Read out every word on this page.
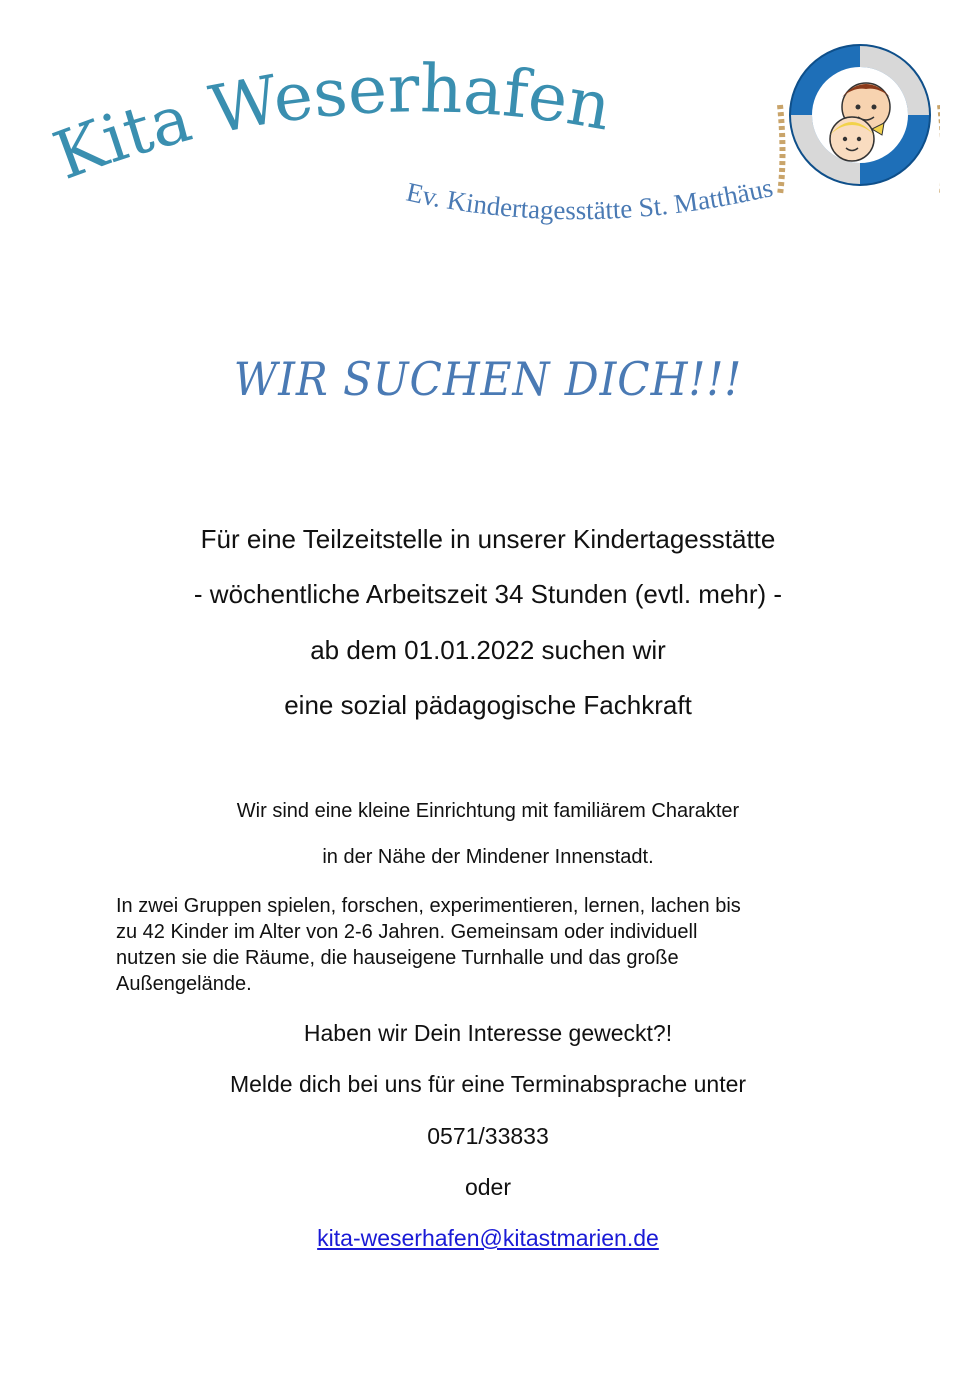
Kita Weserhafen
Ev. Kindertagesstätte St. Matthäus
WIR SUCHEN DICH!!!
Für eine Teilzeitstelle in unserer Kindertagesstätte
- wöchentliche Arbeitszeit 34 Stunden (evtl. mehr) -
ab dem 01.01.2022 suchen wir
eine sozial pädagogische Fachkraft
Wir sind eine kleine Einrichtung mit familiärem Charakter
in der Nähe der Mindener Innenstadt.
In zwei Gruppen spielen, forschen, experimentieren, lernen, lachen bis
zu 42 Kinder im Alter von 2-6 Jahren. Gemeinsam oder individuell
nutzen sie die Räume, die hauseigene Turnhalle und das große
Außengelände.
Haben wir Dein Interesse geweckt?!
Melde dich bei uns für eine Terminabsprache unter
0571/33833
oder
kita-weserhafen@kitastmarien.de
